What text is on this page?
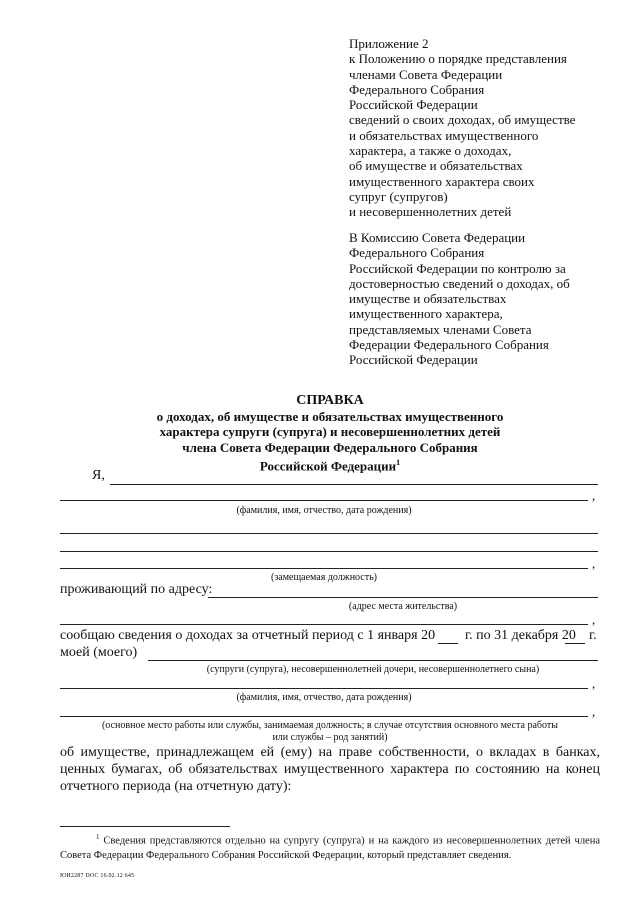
Приложение 2
к Положению о порядке представления
членами Совета Федерации
Федерального Собрания
Российской Федерации
сведений о своих доходах, об имуществе
и обязательствах имущественного
характера, а также о доходах,
об имуществе и обязательствах
имущественного характера своих
супруг (супругов)
и несовершеннолетних детей
В Комиссию Совета Федерации
Федерального Собрания
Российской Федерации по контролю за
достоверностью сведений о доходах, об
имуществе и обязательствах
имущественного характера,
представляемых членами Совета
Федерации Федерального Собрания
Российской Федерации
СПРАВКА
о доходах, об имуществе и обязательствах имущественного
характера супруги (супруга) и несовершеннолетних детей
члена Совета Федерации Федерального Собрания
Российской Федерации$^1$
Я,
,
(фамилия, имя, отчество, дата рождения)
,
(замещаемая должность)
проживающий по адресу:
(адрес места жительства)
,
сообщаю сведения о доходах за отчетный период с 1 января 20 г. по 31 декабря 20 г.
моей (моего)
(супруги (супруга), несовершеннолетней дочери, несовершеннолетнего сына)
,
(фамилия, имя, отчество, дата рождения)
,
(основное место работы или службы, занимаемая должность; в случае отсутствия основного места работы
или службы – род занятий)
об имуществе, принадлежащем ей (ему) на праве собственности, о вкладах в банках, ценных бумагах, об обязательствах имущественного характера по состоянию на конец отчетного периода (на отчетную дату):
$^1$ Сведения представляются отдельно на супругу (супруга) и на каждого из несовершеннолетних детей члена Совета Федерации Федерального Собрания Российской Федерации, который представляет сведения.
ЮИ2287 DOC 16.02.12 645
